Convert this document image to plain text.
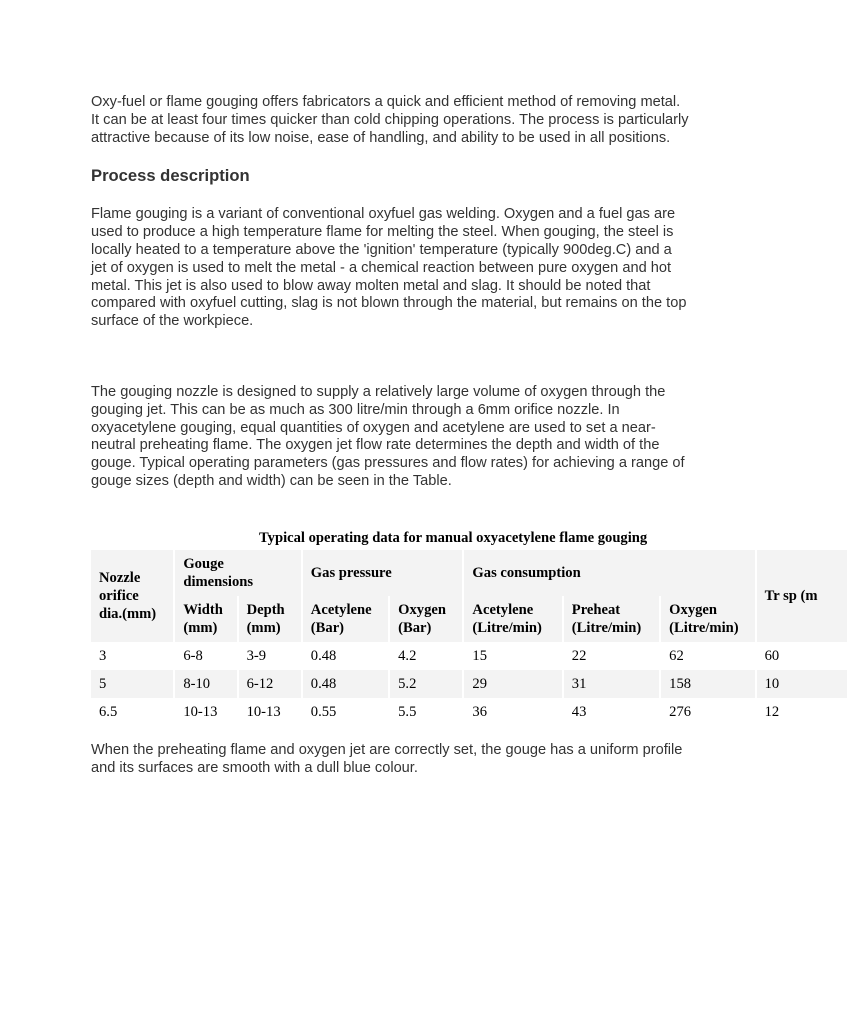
Oxy-fuel or flame gouging offers fabricators a quick and efficient method of removing metal. It can be at least four times quicker than cold chipping operations. The process is particularly attractive because of its low noise, ease of handling, and ability to be used in all positions.

Process description

Flame gouging is a variant of conventional oxyfuel gas welding. Oxygen and a fuel gas are used to produce a high temperature flame for melting the steel. When gouging, the steel is locally heated to a temperature above the 'ignition' temperature (typically 900deg.C) and a jet of oxygen is used to melt the metal - a chemical reaction between pure oxygen and hot metal. This jet is also used to blow away molten metal and slag. It should be noted that compared with oxyfuel cutting, slag is not blown through the material, but remains on the top surface of the workpiece.

The gouging nozzle is designed to supply a relatively large volume of oxygen through the gouging jet. This can be as much as 300 litre/min through a 6mm orifice nozzle. In oxyacetylene gouging, equal quantities of oxygen and acetylene are used to set a near-neutral preheating flame. The oxygen jet flow rate determines the depth and width of the gouge. Typical operating parameters (gas pressures and flow rates) for achieving a range of gouge sizes (depth and width) can be seen in the Table.

Typical operating data for manual oxyacetylene flame gouging
Nozzle orifice dia.(mm)	Gouge dimensions		Gas pressure		Gas consumption			Tr sp (m
	Width (mm)	Depth (mm)	Acetylene (Bar)	Oxygen (Bar)	Acetylene (Litre/min)	Preheat (Litre/min)	Oxygen (Litre/min)	
3	6-8	3-9	0.48	4.2	15	22	62	60
5	8-10	6-12	0.48	5.2	29	31	158	10
6.5	10-13	10-13	0.55	5.5	36	43	276	12

When the preheating flame and oxygen jet are correctly set, the gouge has a uniform profile and its surfaces are smooth with a dull blue colour.
